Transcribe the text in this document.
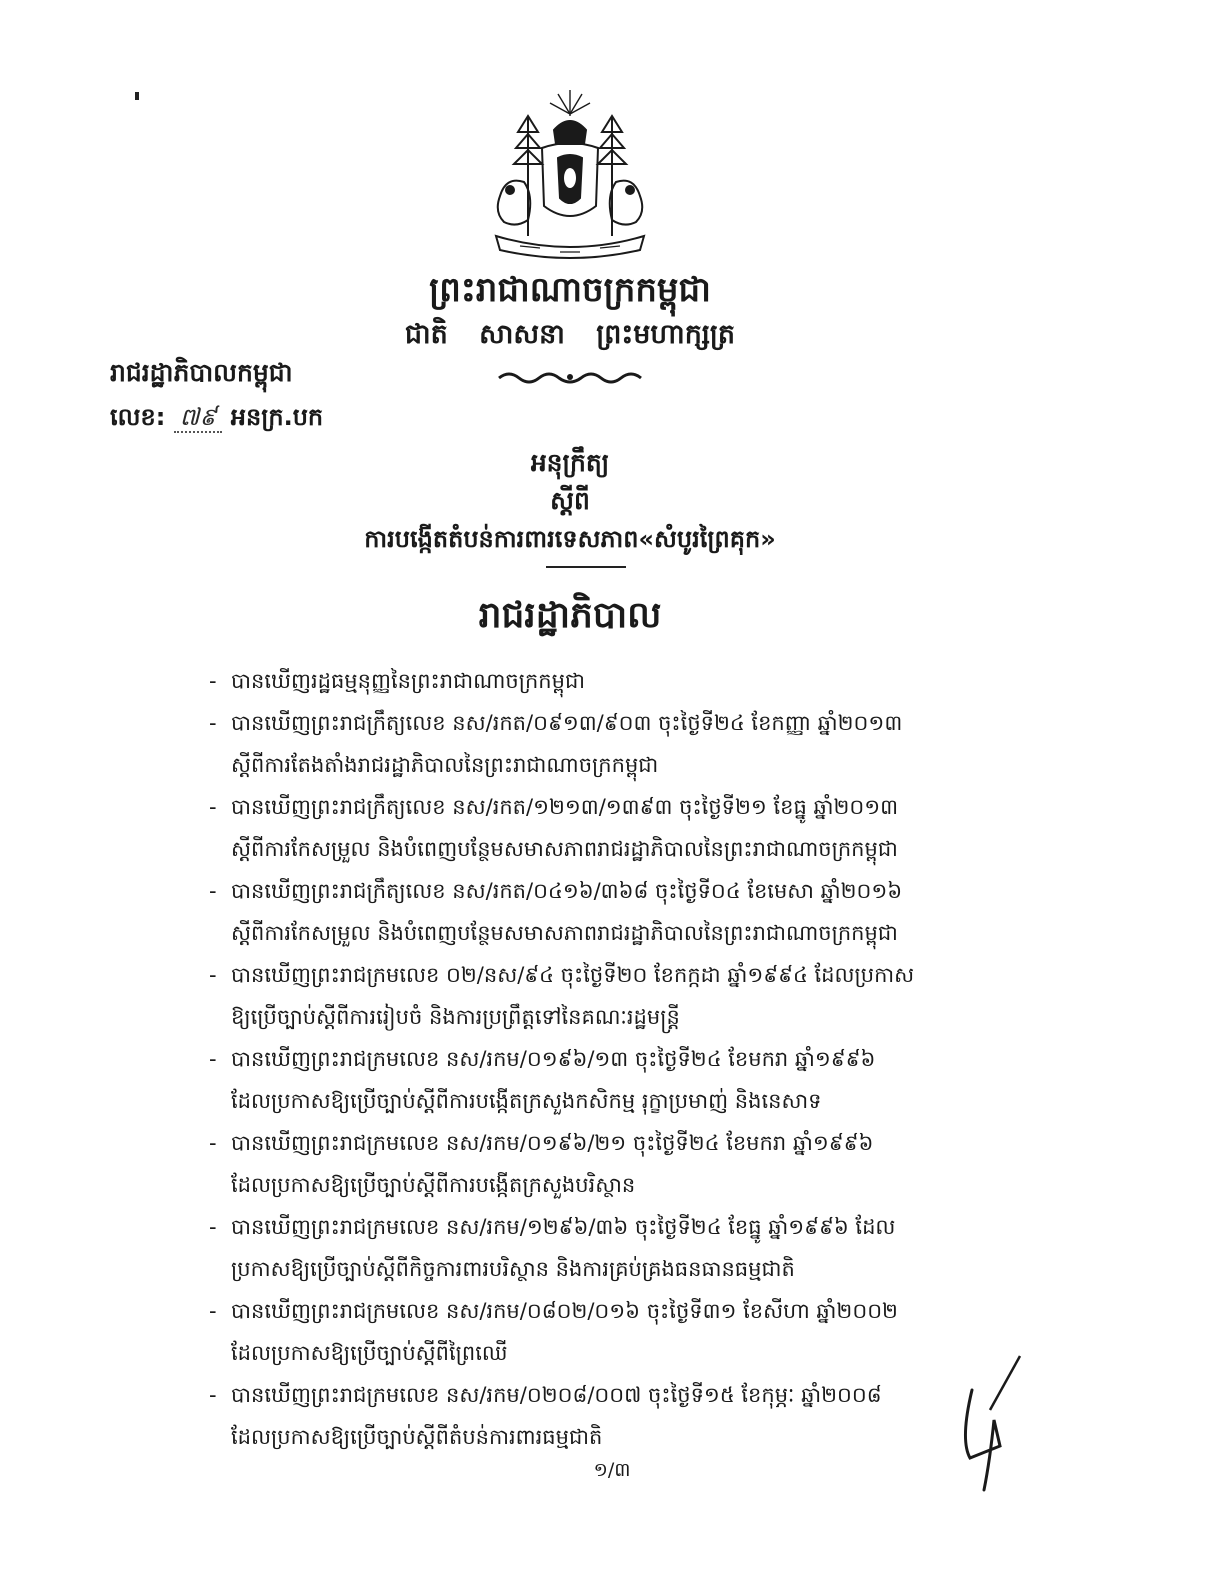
ព្រះរាជាណាចក្រកម្ពុជា
ជាតិ សាសនា ព្រះមហាក្សត្រ
រាជរដ្ឋាភិបាលកម្ពុជា
លេខ: ៧៩ អនក្រ.បក
អនុក្រឹត្យ
ស្តីពី
ការបង្កើតតំបន់ការពារទេសភាព«សំបូរព្រៃគុក»
រាជរដ្ឋាភិបាល
- បានឃើញរដ្ឋធម្មនុញ្ញនៃព្រះរាជាណាចក្រកម្ពុជា
- បានឃើញព្រះរាជក្រឹត្យលេខ នស/រកត/០៩១៣/៩០៣ ចុះថ្ងៃទី២៤ ខែកញ្ញា ឆ្នាំ២០១៣
ស្តីពីការតែងតាំងរាជរដ្ឋាភិបាលនៃព្រះរាជាណាចក្រកម្ពុជា
- បានឃើញព្រះរាជក្រឹត្យលេខ នស/រកត/១២១៣/១៣៩៣ ចុះថ្ងៃទី២១ ខែធ្នូ ឆ្នាំ២០១៣
ស្តីពីការកែសម្រួល និងបំពេញបន្ថែមសមាសភាពរាជរដ្ឋាភិបាលនៃព្រះរាជាណាចក្រកម្ពុជា
- បានឃើញព្រះរាជក្រឹត្យលេខ នស/រកត/០៤១៦/៣៦៨ ចុះថ្ងៃទី០៤ ខែមេសា ឆ្នាំ២០១៦
ស្តីពីការកែសម្រួល និងបំពេញបន្ថែមសមាសភាពរាជរដ្ឋាភិបាលនៃព្រះរាជាណាចក្រកម្ពុជា
- បានឃើញព្រះរាជក្រមលេខ ០២/នស/៩៤ ចុះថ្ងៃទី២០ ខែកក្កដា ឆ្នាំ១៩៩៤ ដែលប្រកាស
ឱ្យប្រើច្បាប់ស្តីពីការរៀបចំ និងការប្រព្រឹត្តទៅនៃគណៈរដ្ឋមន្ត្រី
- បានឃើញព្រះរាជក្រមលេខ នស/រកម/០១៩៦/១៣ ចុះថ្ងៃទី២៤ ខែមករា ឆ្នាំ១៩៩៦
ដែលប្រកាសឱ្យប្រើច្បាប់ស្តីពីការបង្កើតក្រសួងកសិកម្ម រុក្ខាប្រមាញ់ និងនេសាទ
- បានឃើញព្រះរាជក្រមលេខ នស/រកម/០១៩៦/២១ ចុះថ្ងៃទី២៤ ខែមករា ឆ្នាំ១៩៩៦
ដែលប្រកាសឱ្យប្រើច្បាប់ស្តីពីការបង្កើតក្រសួងបរិស្ថាន
- បានឃើញព្រះរាជក្រមលេខ នស/រកម/១២៩៦/៣៦ ចុះថ្ងៃទី២៤ ខែធ្នូ ឆ្នាំ១៩៩៦ ដែល
ប្រកាសឱ្យប្រើច្បាប់ស្តីពីកិច្ចការពារបរិស្ថាន និងការគ្រប់គ្រងធនធានធម្មជាតិ
- បានឃើញព្រះរាជក្រមលេខ នស/រកម/០៨០២/០១៦ ចុះថ្ងៃទី៣១ ខែសីហា ឆ្នាំ២០០២
ដែលប្រកាសឱ្យប្រើច្បាប់ស្តីពីព្រៃឈើ
- បានឃើញព្រះរាជក្រមលេខ នស/រកម/០២០៨/០០៧ ចុះថ្ងៃទី១៥ ខែកុម្ភៈ ឆ្នាំ២០០៨
ដែលប្រកាសឱ្យប្រើច្បាប់ស្តីពីតំបន់ការពារធម្មជាតិ
១/៣
